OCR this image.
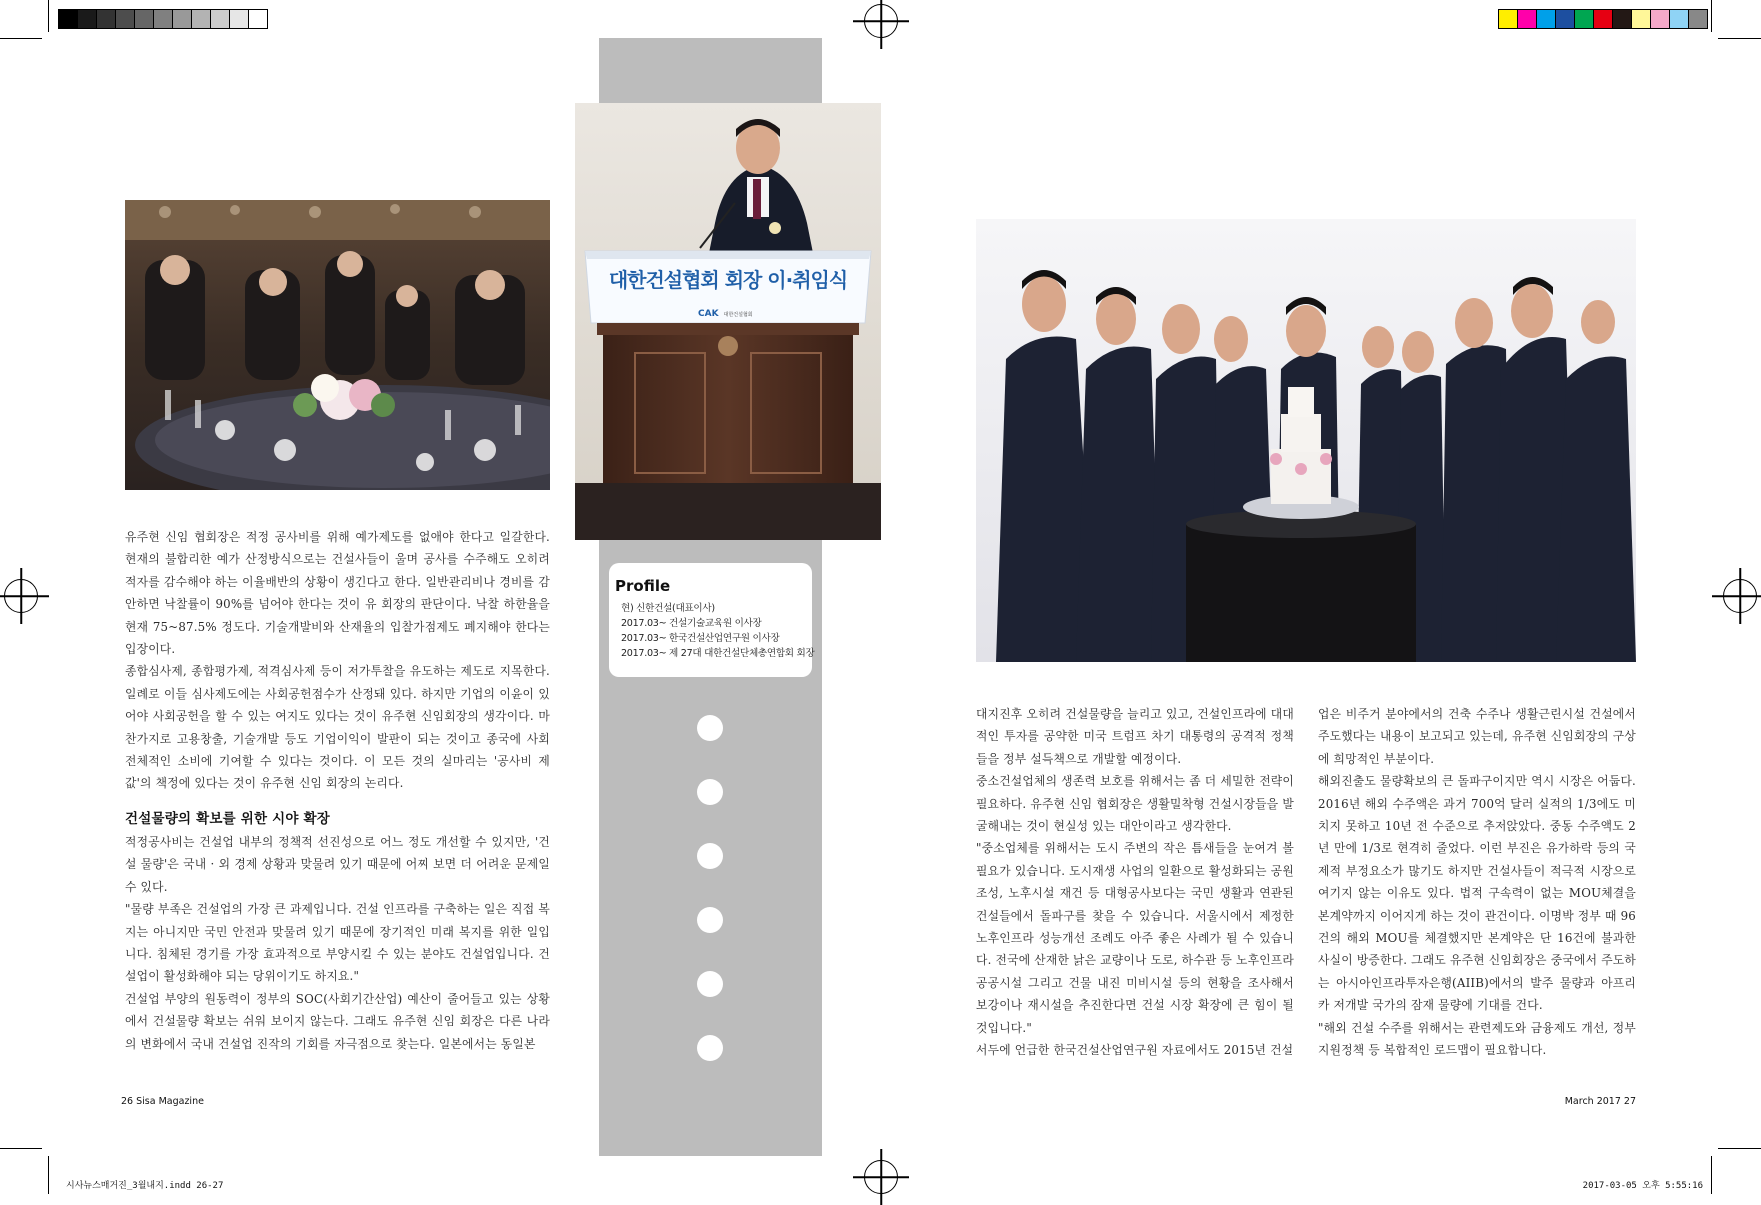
대한건설협회 회장 이·취임식
CAK 대한건설협회
Profile
현) 신한건설(대표이사)
2017.03~ 건설기술교육원 이사장
2017.03~ 한국건설산업연구원 이사장
2017.03~ 제 27대 대한건설단체총연합회 회장

유주현 신임 협회장은 적정 공사비를 위해 예가제도를 없애야 한다고 일갈한다. 현재의 불합리한 예가 산정방식으로는 건설사들이 울며 공사를 수주해도 오히려 적자를 감수해야 하는 이율배반의 상황이 생긴다고 한다. 일반관리비나 경비를 감안하면 낙찰률이 90%를 넘어야 한다는 것이 유 회장의 판단이다. 낙찰 하한율을 현재 75~87.5% 정도다. 기술개발비와 산재율의 입찰가점제도 폐지해야 한다는 입장이다.

종합심사제, 종합평가제, 적격심사제 등이 저가투찰을 유도하는 제도로 지목한다. 일례로 이들 심사제도에는 사회공헌점수가 산정돼 있다. 하지만 기업의 이윤이 있어야 사회공헌을 할 수 있는 여지도 있다는 것이 유주현 신임회장의 생각이다. 마찬가지로 고용창출, 기술개발 등도 기업이익이 발판이 되는 것이고 종국에 사회 전체적인 소비에 기여할 수 있다는 것이다. 이 모든 것의 실마리는 '공사비 제값'의 책정에 있다는 것이 유주현 신임 회장의 논리다.

건설물량의 확보를 위한 시야 확장

적정공사비는 건설업 내부의 정책적 선진성으로 어느 정도 개선할 수 있지만, '건설 물량'은 국내 · 외 경제 상황과 맞물려 있기 때문에 어찌 보면 더 어려운 문제일 수 있다.

"물량 부족은 건설업의 가장 큰 과제입니다. 건설 인프라를 구축하는 일은 직접 복지는 아니지만 국민 안전과 맞물려 있기 때문에 장기적인 미래 복지를 위한 일입니다. 침체된 경기를 가장 효과적으로 부양시킬 수 있는 분야도 건설업입니다. 건설업이 활성화해야 되는 당위이기도 하지요."

건설업 부양의 원동력이 정부의 SOC(사회기간산업) 예산이 줄어들고 있는 상황에서 건설물량 확보는 쉬워 보이지 않는다. 그래도 유주현 신임 회장은 다른 나라의 변화에서 국내 건설업 진작의 기회를 자극점으로 찾는다. 일본에서는 동일본

대지진후 오히려 건설물량을 늘리고 있고, 건설인프라에 대대적인 투자를 공약한 미국 트럼프 차기 대통령의 공격적 정책들을 정부 설득책으로 개발할 예정이다.

중소건설업체의 생존력 보호를 위해서는 좀 더 세밀한 전략이 필요하다. 유주현 신임 협회장은 생활밀착형 건설시장들을 발굴해내는 것이 현실성 있는 대안이라고 생각한다.

"중소업체를 위해서는 도시 주변의 작은 틈새들을 눈여겨 볼 필요가 있습니다. 도시재생 사업의 일환으로 활성화되는 공원 조성, 노후시설 재건 등 대형공사보다는 국민 생활과 연관된 건설들에서 돌파구를 찾을 수 있습니다. 서울시에서 제정한 노후인프라 성능개선 조례도 아주 좋은 사례가 될 수 있습니다. 전국에 산재한 낡은 교량이나 도로, 하수관 등 노후인프라 공공시설 그리고 건물 내진 미비시설 등의 현황을 조사해서 보강이나 재시설을 추진한다면 건설 시장 확장에 큰 힘이 될 것입니다."

서두에 언급한 한국건설산업연구원 자료에서도 2015년 건설

업은 비주거 분야에서의 건축 수주나 생활근린시설 건설에서 주도했다는 내용이 보고되고 있는데, 유주현 신임회장의 구상에 희망적인 부분이다.

해외진출도 물량확보의 큰 돌파구이지만 역시 시장은 어둡다. 2016년 해외 수주액은 과거 700억 달러 실적의 1/3에도 미치지 못하고 10년 전 수준으로 추저앉았다. 중동 수주액도 2년 만에 1/3로 현격히 줄었다. 이런 부진은 유가하락 등의 국제적 부정요소가 많기도 하지만 건설사들이 적극적 시장으로 여기지 않는 이유도 있다. 법적 구속력이 없는 MOU체결을 본계약까지 이어지게 하는 것이 관건이다. 이명박 정부 때 96건의 해외 MOU를 체결했지만 본계약은 단 16건에 불과한 사실이 방증한다. 그래도 유주현 신임회장은 중국에서 주도하는 아시아인프라투자은행(AIIB)에서의 발주 물량과 아프리카 저개발 국가의 잠재 물량에 기대를 건다.

"해외 건설 수주를 위해서는 관련제도와 금융제도 개선, 정부 지원정책 등 복합적인 로드맵이 필요합니다.

26 Sisa Magazine	March 2017 27
시사뉴스매거진_3월내지.indd 26-27	2017-03-05 오후 5:55:16
